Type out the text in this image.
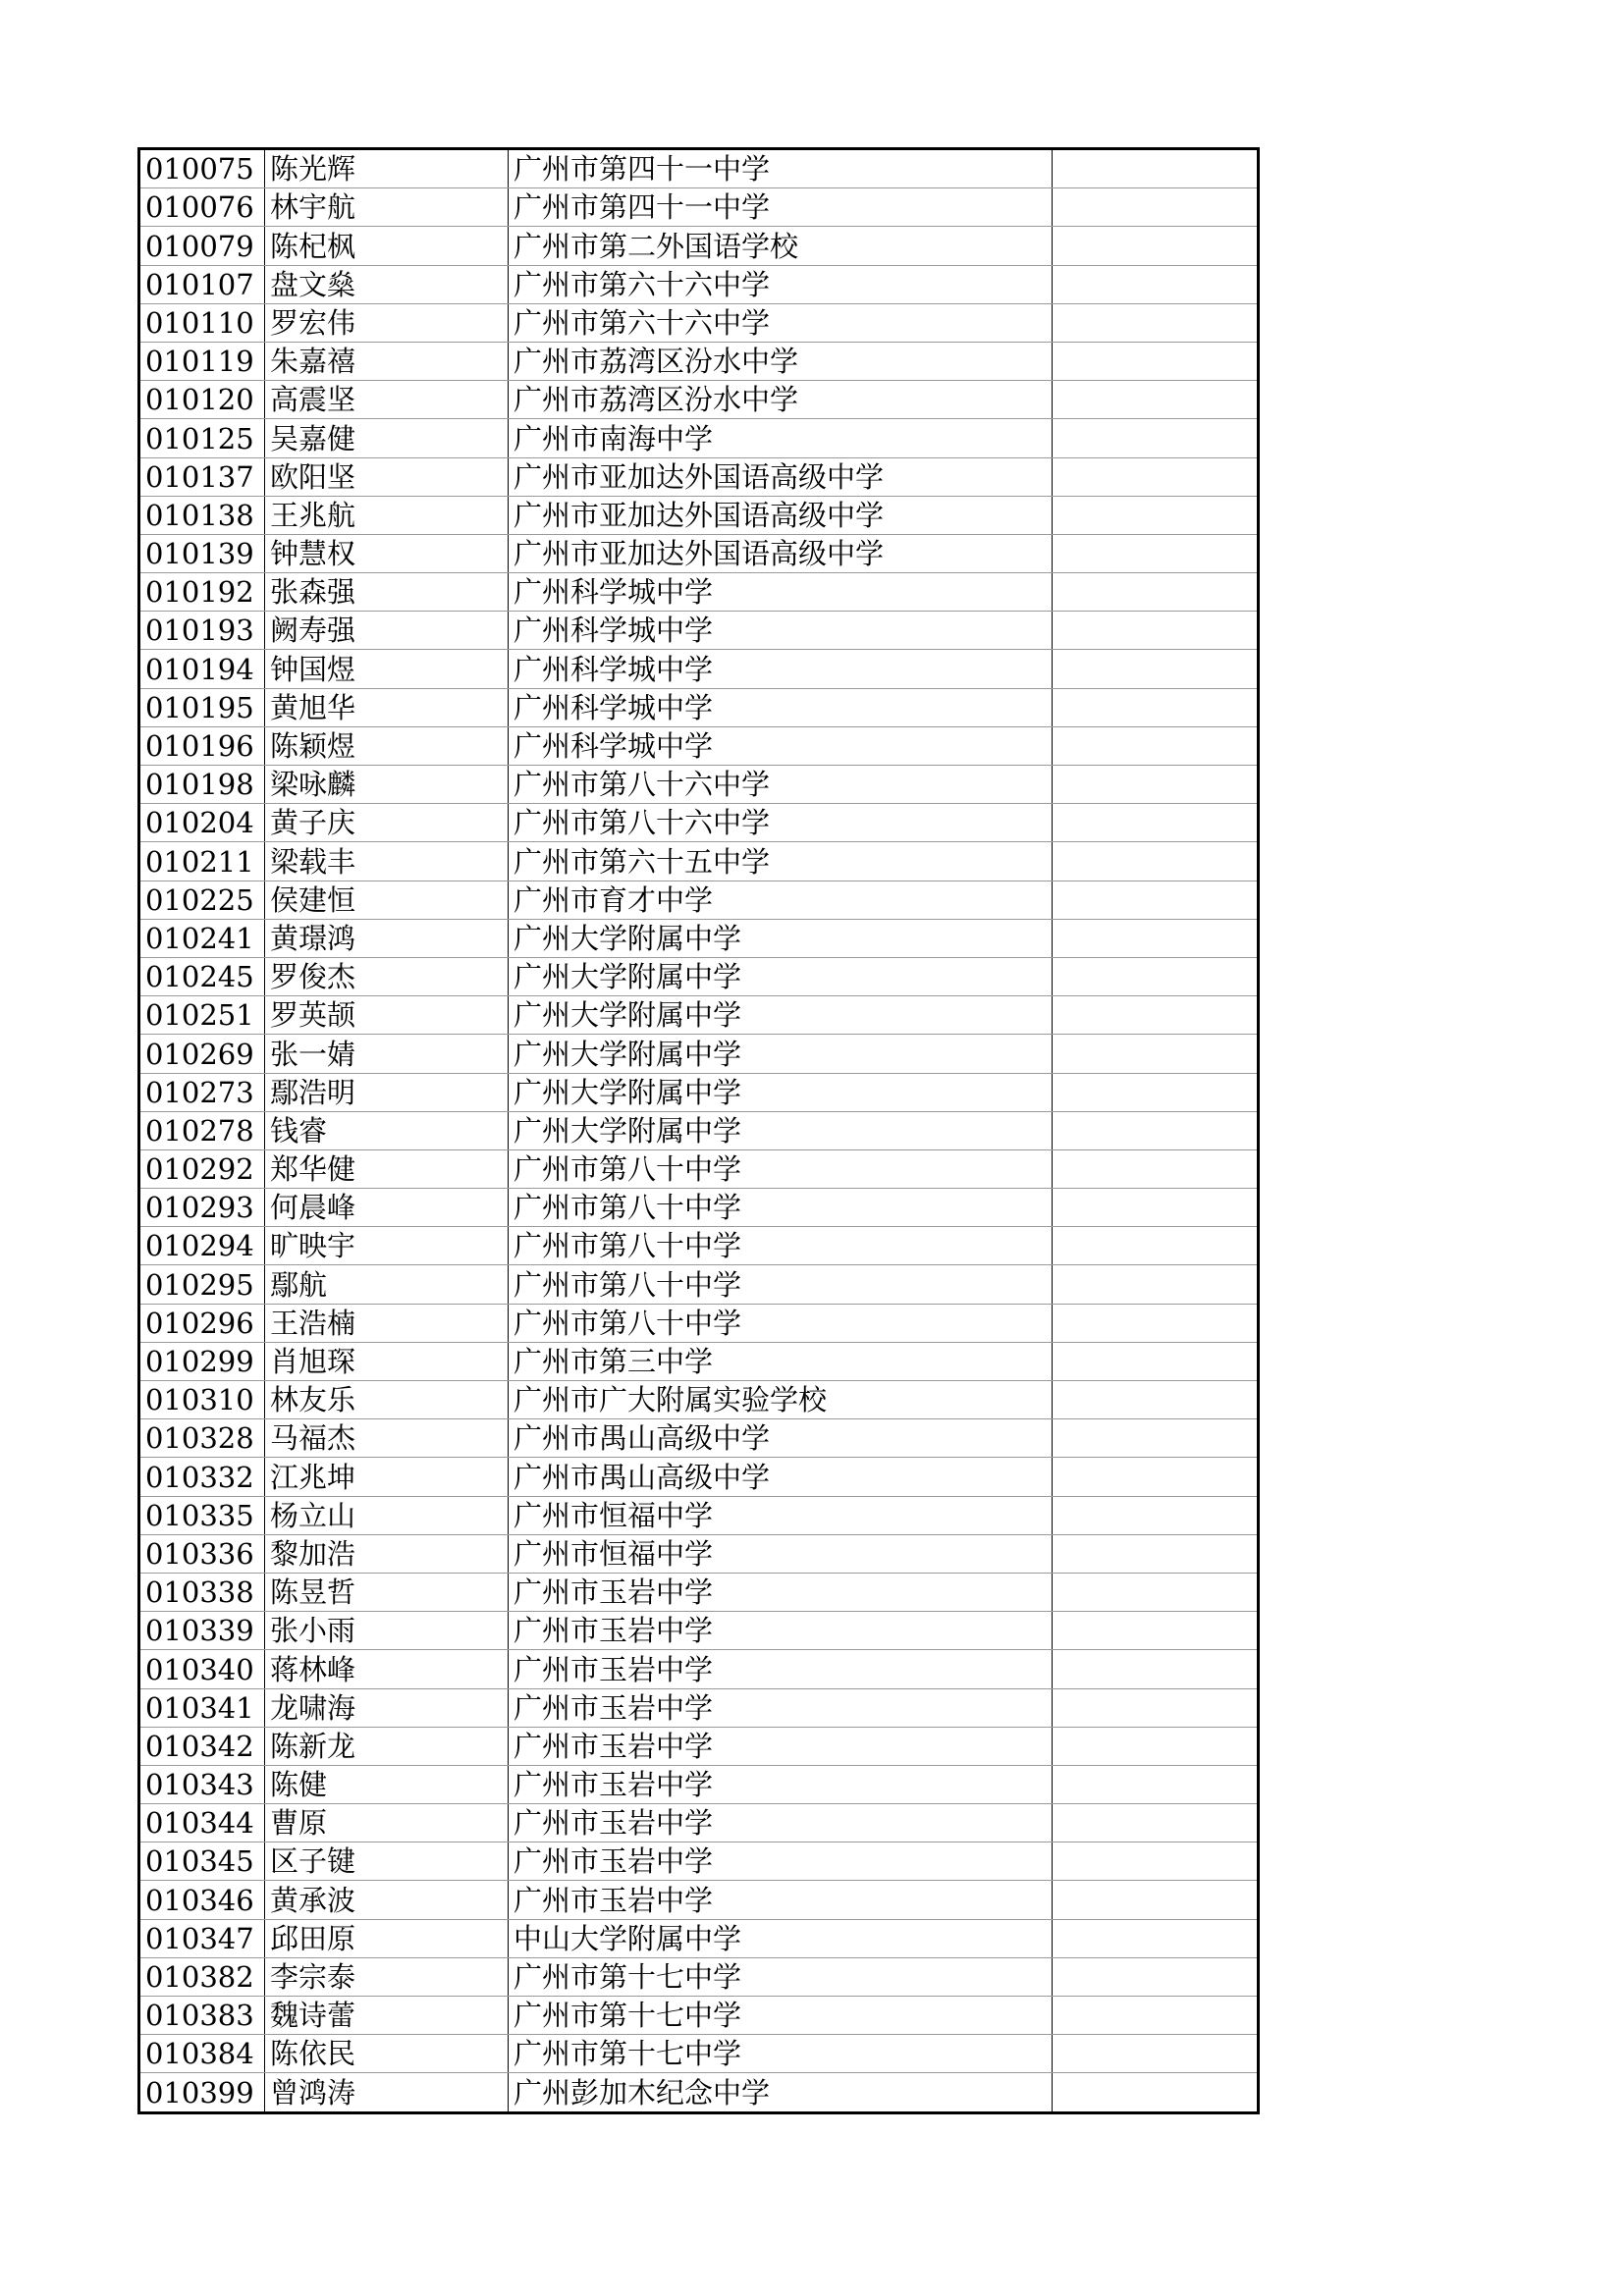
010075	陈光辉	广州市第四十一中学	
010076	林宇航	广州市第四十一中学	
010079	陈杞枫	广州市第二外国语学校	
010107	盘文燊	广州市第六十六中学	
010110	罗宏伟	广州市第六十六中学	
010119	朱嘉禧	广州市荔湾区汾水中学	
010120	高震坚	广州市荔湾区汾水中学	
010125	吴嘉健	广州市南海中学	
010137	欧阳坚	广州市亚加达外国语高级中学	
010138	王兆航	广州市亚加达外国语高级中学	
010139	钟慧权	广州市亚加达外国语高级中学	
010192	张森强	广州科学城中学	
010193	阙寿强	广州科学城中学	
010194	钟国煜	广州科学城中学	
010195	黄旭华	广州科学城中学	
010196	陈颖煜	广州科学城中学	
010198	梁咏麟	广州市第八十六中学	
010204	黄子庆	广州市第八十六中学	
010211	梁载丰	广州市第六十五中学	
010225	侯建恒	广州市育才中学	
010241	黄璟鸿	广州大学附属中学	
010245	罗俊杰	广州大学附属中学	
010251	罗英颉	广州大学附属中学	
010269	张一婧	广州大学附属中学	
010273	鄢浩明	广州大学附属中学	
010278	钱睿	广州大学附属中学	
010292	郑华健	广州市第八十中学	
010293	何晨峰	广州市第八十中学	
010294	旷映宇	广州市第八十中学	
010295	鄢航	广州市第八十中学	
010296	王浩楠	广州市第八十中学	
010299	肖旭琛	广州市第三中学	
010310	林友乐	广州市广大附属实验学校	
010328	马福杰	广州市禺山高级中学	
010332	江兆坤	广州市禺山高级中学	
010335	杨立山	广州市恒福中学	
010336	黎加浩	广州市恒福中学	
010338	陈昱哲	广州市玉岩中学	
010339	张小雨	广州市玉岩中学	
010340	蒋林峰	广州市玉岩中学	
010341	龙啸海	广州市玉岩中学	
010342	陈新龙	广州市玉岩中学	
010343	陈健	广州市玉岩中学	
010344	曹原	广州市玉岩中学	
010345	区子键	广州市玉岩中学	
010346	黄承波	广州市玉岩中学	
010347	邱田原	中山大学附属中学	
010382	李宗泰	广州市第十七中学	
010383	魏诗蕾	广州市第十七中学	
010384	陈依民	广州市第十七中学	
010399	曾鸿涛	广州彭加木纪念中学	
